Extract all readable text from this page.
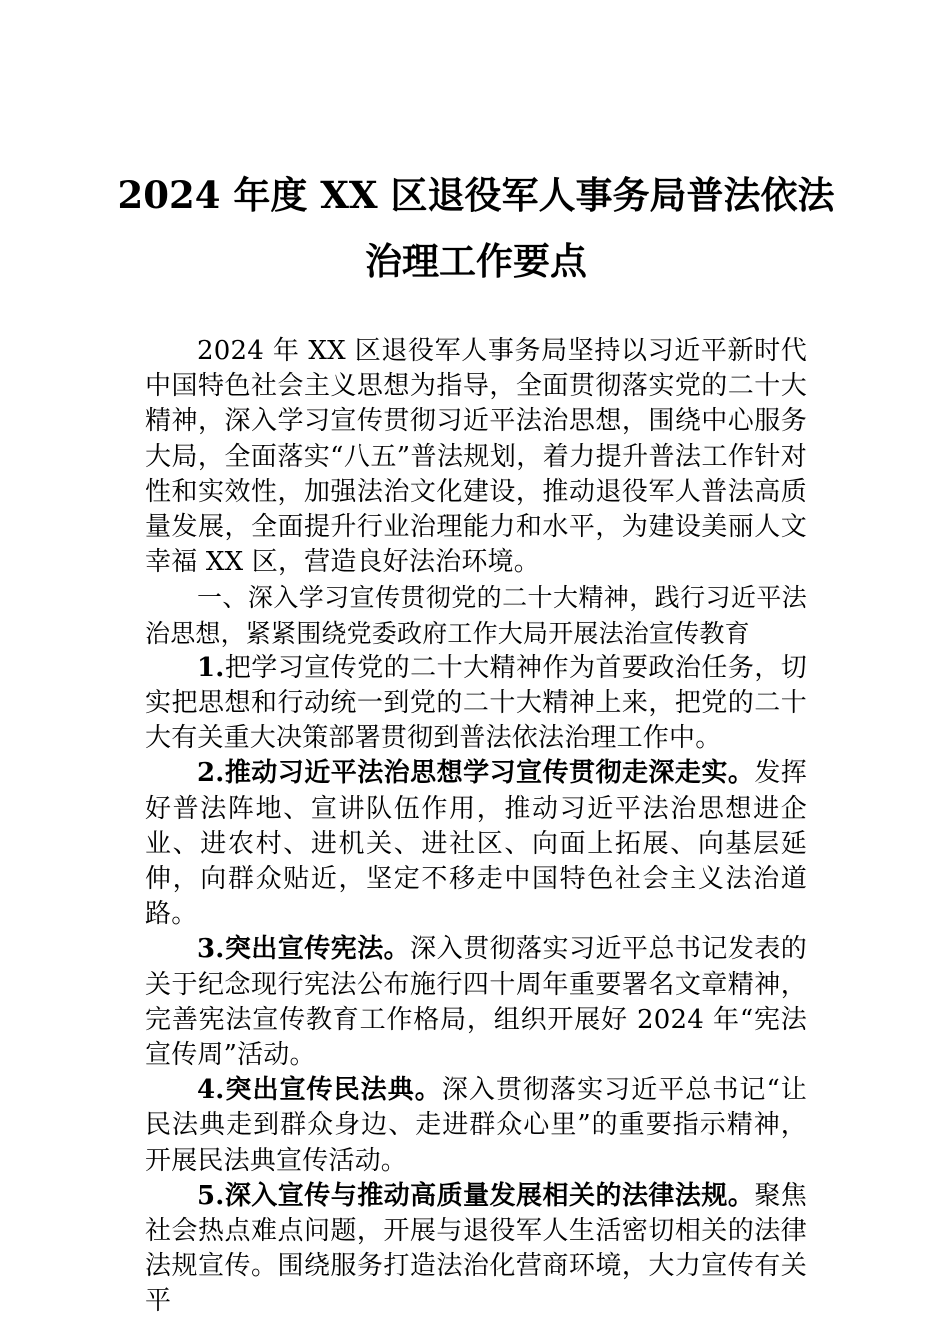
2024 年度 XX 区退役军人事务局普法依法
治理工作要点

2024 年 XX 区退役军人事务局坚持以习近平新时代中国特色社会主义思想为指导，全面贯彻落实党的二十大精神，深入学习宣传贯彻习近平法治思想，围绕中心服务大局，全面落实“八五”普法规划，着力提升普法工作针对性和实效性，加强法治文化建设，推动退役军人普法高质量发展，全面提升行业治理能力和水平，为建设美丽人文幸福 XX 区，营造良好法治环境。

一、深入学习宣传贯彻党的二十大精神，践行习近平法治思想，紧紧围绕党委政府工作大局开展法治宣传教育

1.把学习宣传党的二十大精神作为首要政治任务，切实把思想和行动统一到党的二十大精神上来，把党的二十大有关重大决策部署贯彻到普法依法治理工作中。

2.推动习近平法治思想学习宣传贯彻走深走实。发挥好普法阵地、宣讲队伍作用，推动习近平法治思想进企业、进农村、进机关、进社区、向面上拓展、向基层延伸，向群众贴近，坚定不移走中国特色社会主义法治道路。

3.突出宣传宪法。深入贯彻落实习近平总书记发表的关于纪念现行宪法公布施行四十周年重要署名文章精神，完善宪法宣传教育工作格局，组织开展好 2024 年“宪法宣传周”活动。

4.突出宣传民法典。深入贯彻落实习近平总书记“让民法典走到群众身边、走进群众心里”的重要指示精神，开展民法典宣传活动。

5.深入宣传与推动高质量发展相关的法律法规。聚焦社会热点难点问题，开展与退役军人生活密切相关的法律法规宣传。围绕服务打造法治化营商环境，大力宣传有关平
